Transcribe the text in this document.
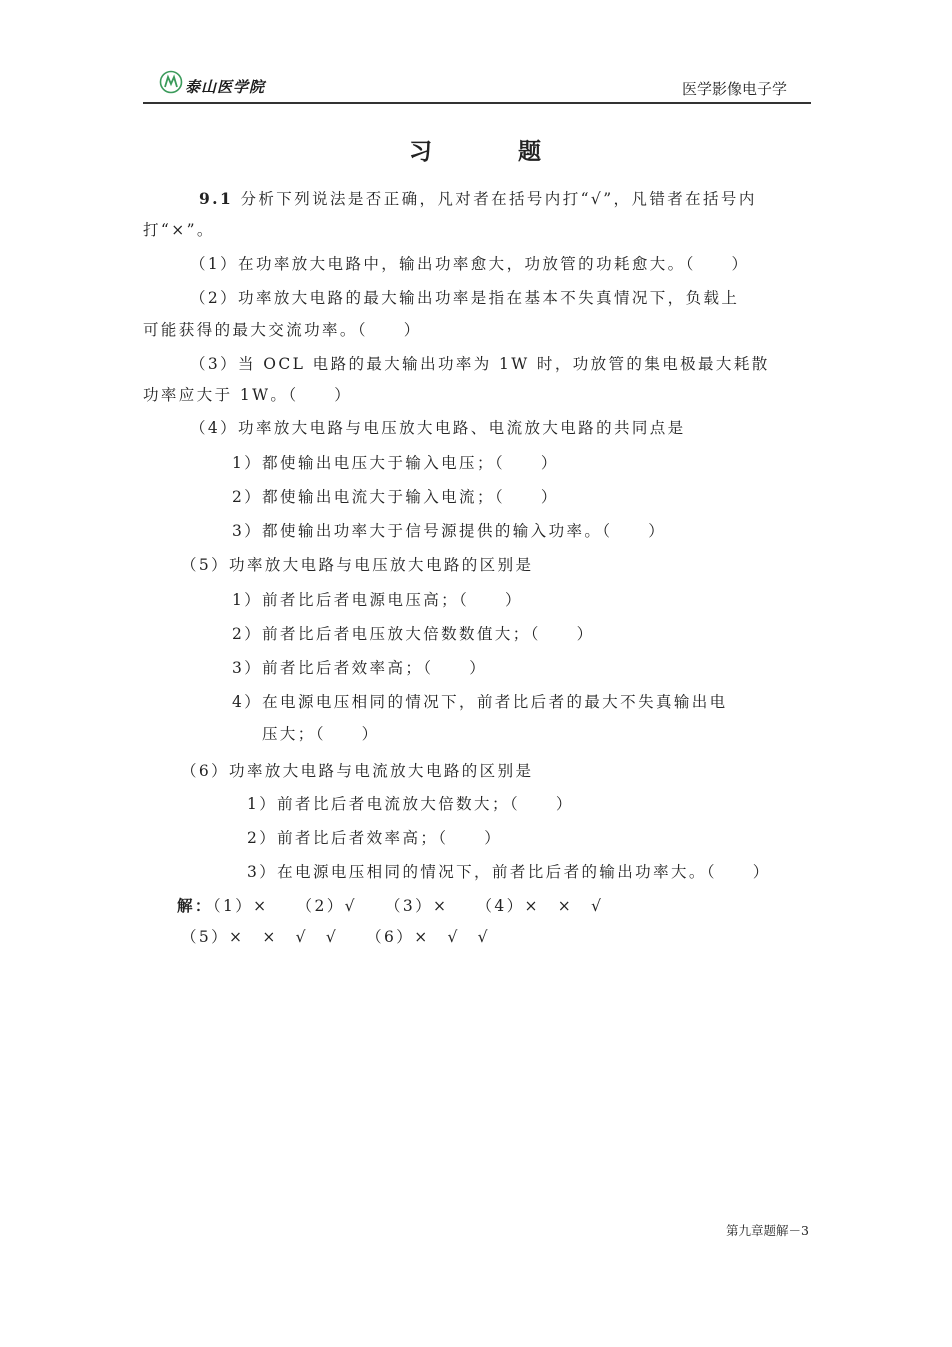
泰山医学院	医学影像电子学
习	题
9.1 分析下列说法是否正确，凡对者在括号内打“√”，凡错者在括号内
打“×”。
（1）在功率放大电路中，输出功率愈大，功放管的功耗愈大。（　　）
（2）功率放大电路的最大输出功率是指在基本不失真情况下，负载上
可能获得的最大交流功率。（　　）
（3）当 OCL 电路的最大输出功率为 1W 时，功放管的集电极最大耗散
功率应大于 1W。（　　）
（4）功率放大电路与电压放大电路、电流放大电路的共同点是
1）都使输出电压大于输入电压；（　　）
2）都使输出电流大于输入电流；（　　）
3）都使输出功率大于信号源提供的输入功率。（　　）
（5）功率放大电路与电压放大电路的区别是
1）前者比后者电源电压高；（　　）
2）前者比后者电压放大倍数数值大；（　　）
3）前者比后者效率高；（　　）
4）在电源电压相同的情况下，前者比后者的最大不失真输出电
压大；（　　）
（6）功率放大电路与电流放大电路的区别是
1）前者比后者电流放大倍数大；（　　）
2）前者比后者效率高；（　　）
3）在电源电压相同的情况下，前者比后者的输出功率大。（　　）
解：（1）×　　（2）√　　（3）×　　（4）×　×　√
（5）×　×　√　√　　（6）×　√　√
第九章题解－3
